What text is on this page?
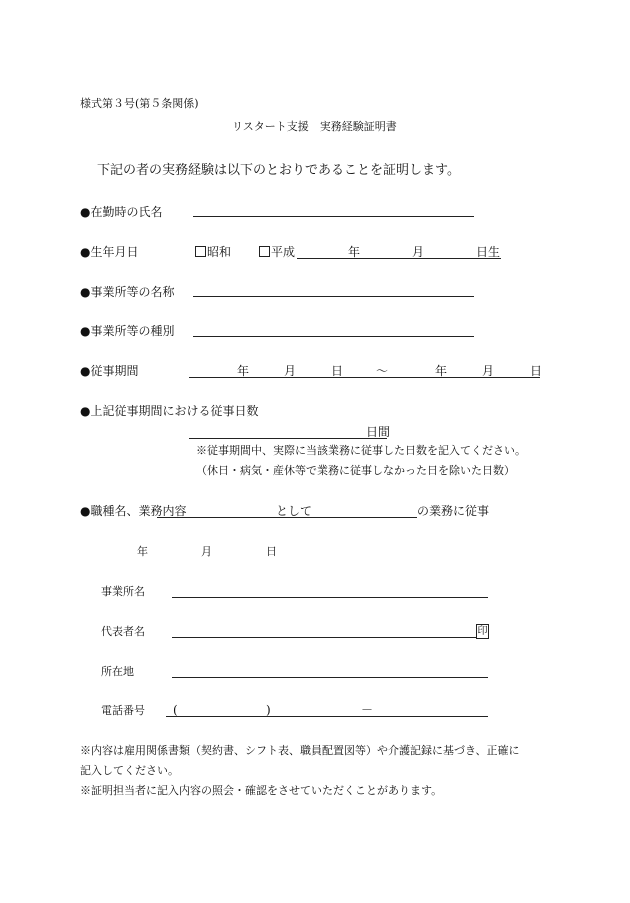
様式第３号(第５条関係)
リスタート支援　実務経験証明書
下記の者の実務経験は以下のとおりであることを証明します。
●在勤時の氏名
●生年月日	昭和	平成	年	月	日生
●事業所等の名称
●事業所等の種別
●従事期間	年	月	日	～	年	月	日
●上記従事期間における従事日数
日間
※従事期間中、実際に当該業務に従事した日数を記入てください。
（休日・病気・産休等で業務に従事しなかった日を除いた日数）
●職種名、業務内容	として	の業務に従事
年	月	日
事業所名
代表者名	印
所在地
電話番号 (	)	－
※内容は雇用関係書類（契約書、シフト表、職員配置図等）や介護記録に基づき、正確に
記入してください。
※証明担当者に記入内容の照会・確認をさせていただくことがあります。
